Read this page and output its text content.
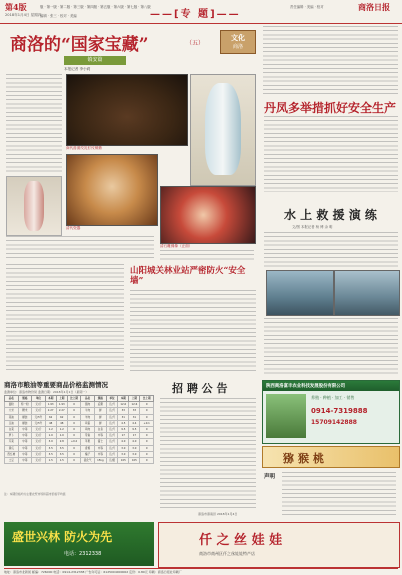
第4版
2018年1月4日 星期四
版 · 第一版 · 第二版 · 第三版 · 第四版 · 第五版 · 第六版 · 第七版 · 第八版
编辑 · 张三 · 校对 · 美编	——[专 题]——
责任编辑 · 美编 · 校对	商洛日报
商洛的“国家宝藏”	（五）
文化
商洛
镇安篇
本报记者 李小莉
商代兽面纹乳钉纹铜鼎
清代瓷器
清石雕佛像（正面）
丹凤多举措抓好安全生产
水 上 救 援 演 练
文/图 本报记者 杨 博 余 明
山阳城关林业站严密防火“安全墙”
商洛市粮油等重要商品价格监测情况
监测单位：商洛市物价局 监测日期：2018年1月1日（星期一）
品名	规格	单位	本期	上期	比上期	品名	规格	单位	本期	上期	比上期
面粉	特一粉	元/斤	1.93	1.93	0	猪肉	后腿	元/斤	12.6	12.6	0
大米	粳米	元/斤	2.27	2.27	0	牛肉	鲜	元/斤	33	33	0
菜油	桶装	元/5升	62	62	0	羊肉	鲜	元/斤	31	31	0
豆油	桶装	元/5升	48	48	0	鸡蛋	鲜	元/斤	4.5	4.4	+0.1
白菜	中等	元/斤	1.2	1.2	0	鸡肉	白条	元/斤	9.5	9.5	0
萝卜	中等	元/斤	1.0	1.0	0	带鱼	中等	元/斤	17	17	0
芹菜	中等	元/斤	3.0	2.8	+0.2	苹果	富士	元/斤	4.0	4.0	0
黄瓜	中等	元/斤	3.5	3.5	0	香蕉	中等	元/斤	3.0	3.0	0
西红柿	中等	元/斤	3.5	3.5	0	橘子	中等	元/斤	3.0	3.0	0
土豆	中等	元/斤	1.5	1.5	0	液化气	15kg	元/瓶	105	105	0
注：本期价格均为主要农贸市场和超市价格平均值
招 聘 公 告
商洛市商南县 2018年1月4日
陕西商洛富丰农业科技发展股份有限公司
养殖 · 种植 · 加工 · 销售
0914-7319888
15709142888
猕猴桃
声明
盛世兴林 防火为先
电话：2312338
仟 之 丝 娃 娃
商洛市商州区仟之丝娃娃特产店
地址：商洛市北新街 邮编：726000 电话：0914-2312338 广告许可证：6125004000002 定价：0.80元 印刷：商洛日报社印刷厂
